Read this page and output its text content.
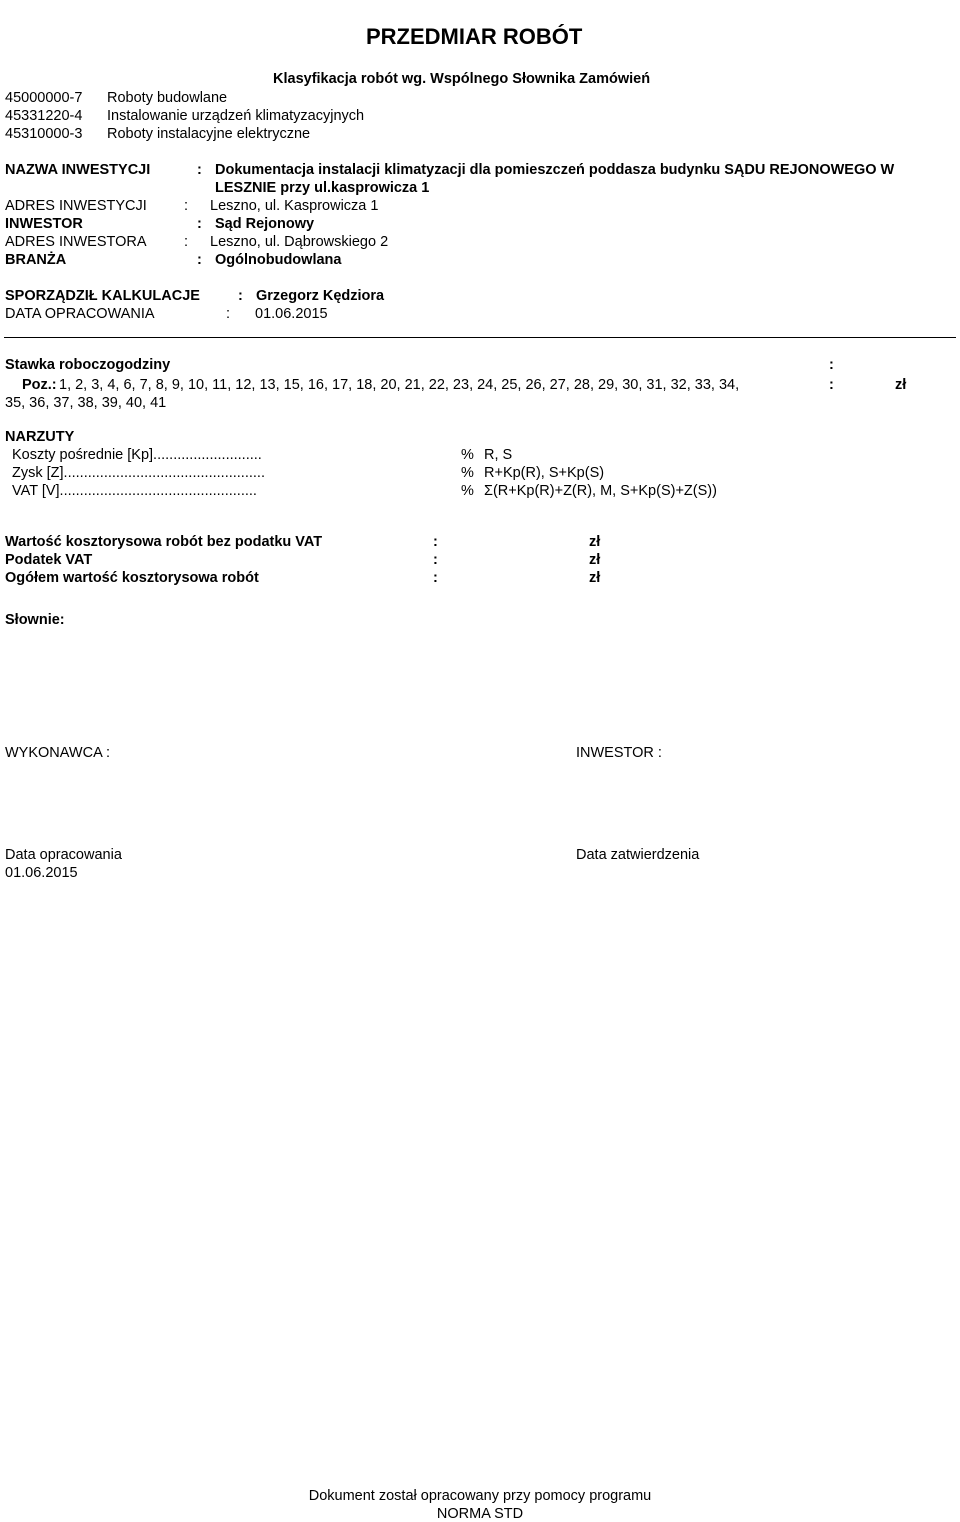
PRZEDMIAR ROBÓT
Klasyfikacja robót wg. Wspólnego Słownika Zamówień
45000000-7 Roboty budowlane
45331220-4 Instalowanie urządzeń klimatyzacyjnych
45310000-3 Roboty instalacyjne elektryczne
NAZWA INWESTYCJI	: Dokumentacja instalacji klimatyzacji dla pomieszczeń poddasza budynku SĄDU REJONOWEGO W
LESZNIE przy ul.kasprowicza 1
ADRES INWESTYCJI	: Leszno, ul. Kasprowicza 1
INWESTOR	: Sąd Rejonowy
ADRES INWESTORA	: Leszno, ul. Dąbrowskiego 2
BRANŻA	: Ogólnobudowlana
SPORZĄDZIŁ KALKULACJE	: Grzegorz Kędziora
DATA OPRACOWANIA	: 01.06.2015
Stawka roboczogodziny	:
Poz.: 1, 2, 3, 4, 6, 7, 8, 9, 10, 11, 12, 13, 15, 16, 17, 18, 20, 21, 22, 23, 24, 25, 26, 27, 28, 29, 30, 31, 32, 33, 34,
35, 36, 37, 38, 39, 40, 41
:	zł
NARZUTY
Koszty pośrednie [Kp]...........................	% R, S
Zysk [Z]..................................................	% R+Kp(R), S+Kp(S)
VAT [V].................................................	% Σ(R+Kp(R)+Z(R), M, S+Kp(S)+Z(S))
Wartość kosztorysowa robót bez podatku VAT	:	zł
Podatek VAT	:	zł
Ogółem wartość kosztorysowa robót	:	zł
Słownie:
WYKONAWCA :	INWESTOR :
Data opracowania
01.06.2015
Data zatwierdzenia
Dokument został opracowany przy pomocy programu
NORMA STD
